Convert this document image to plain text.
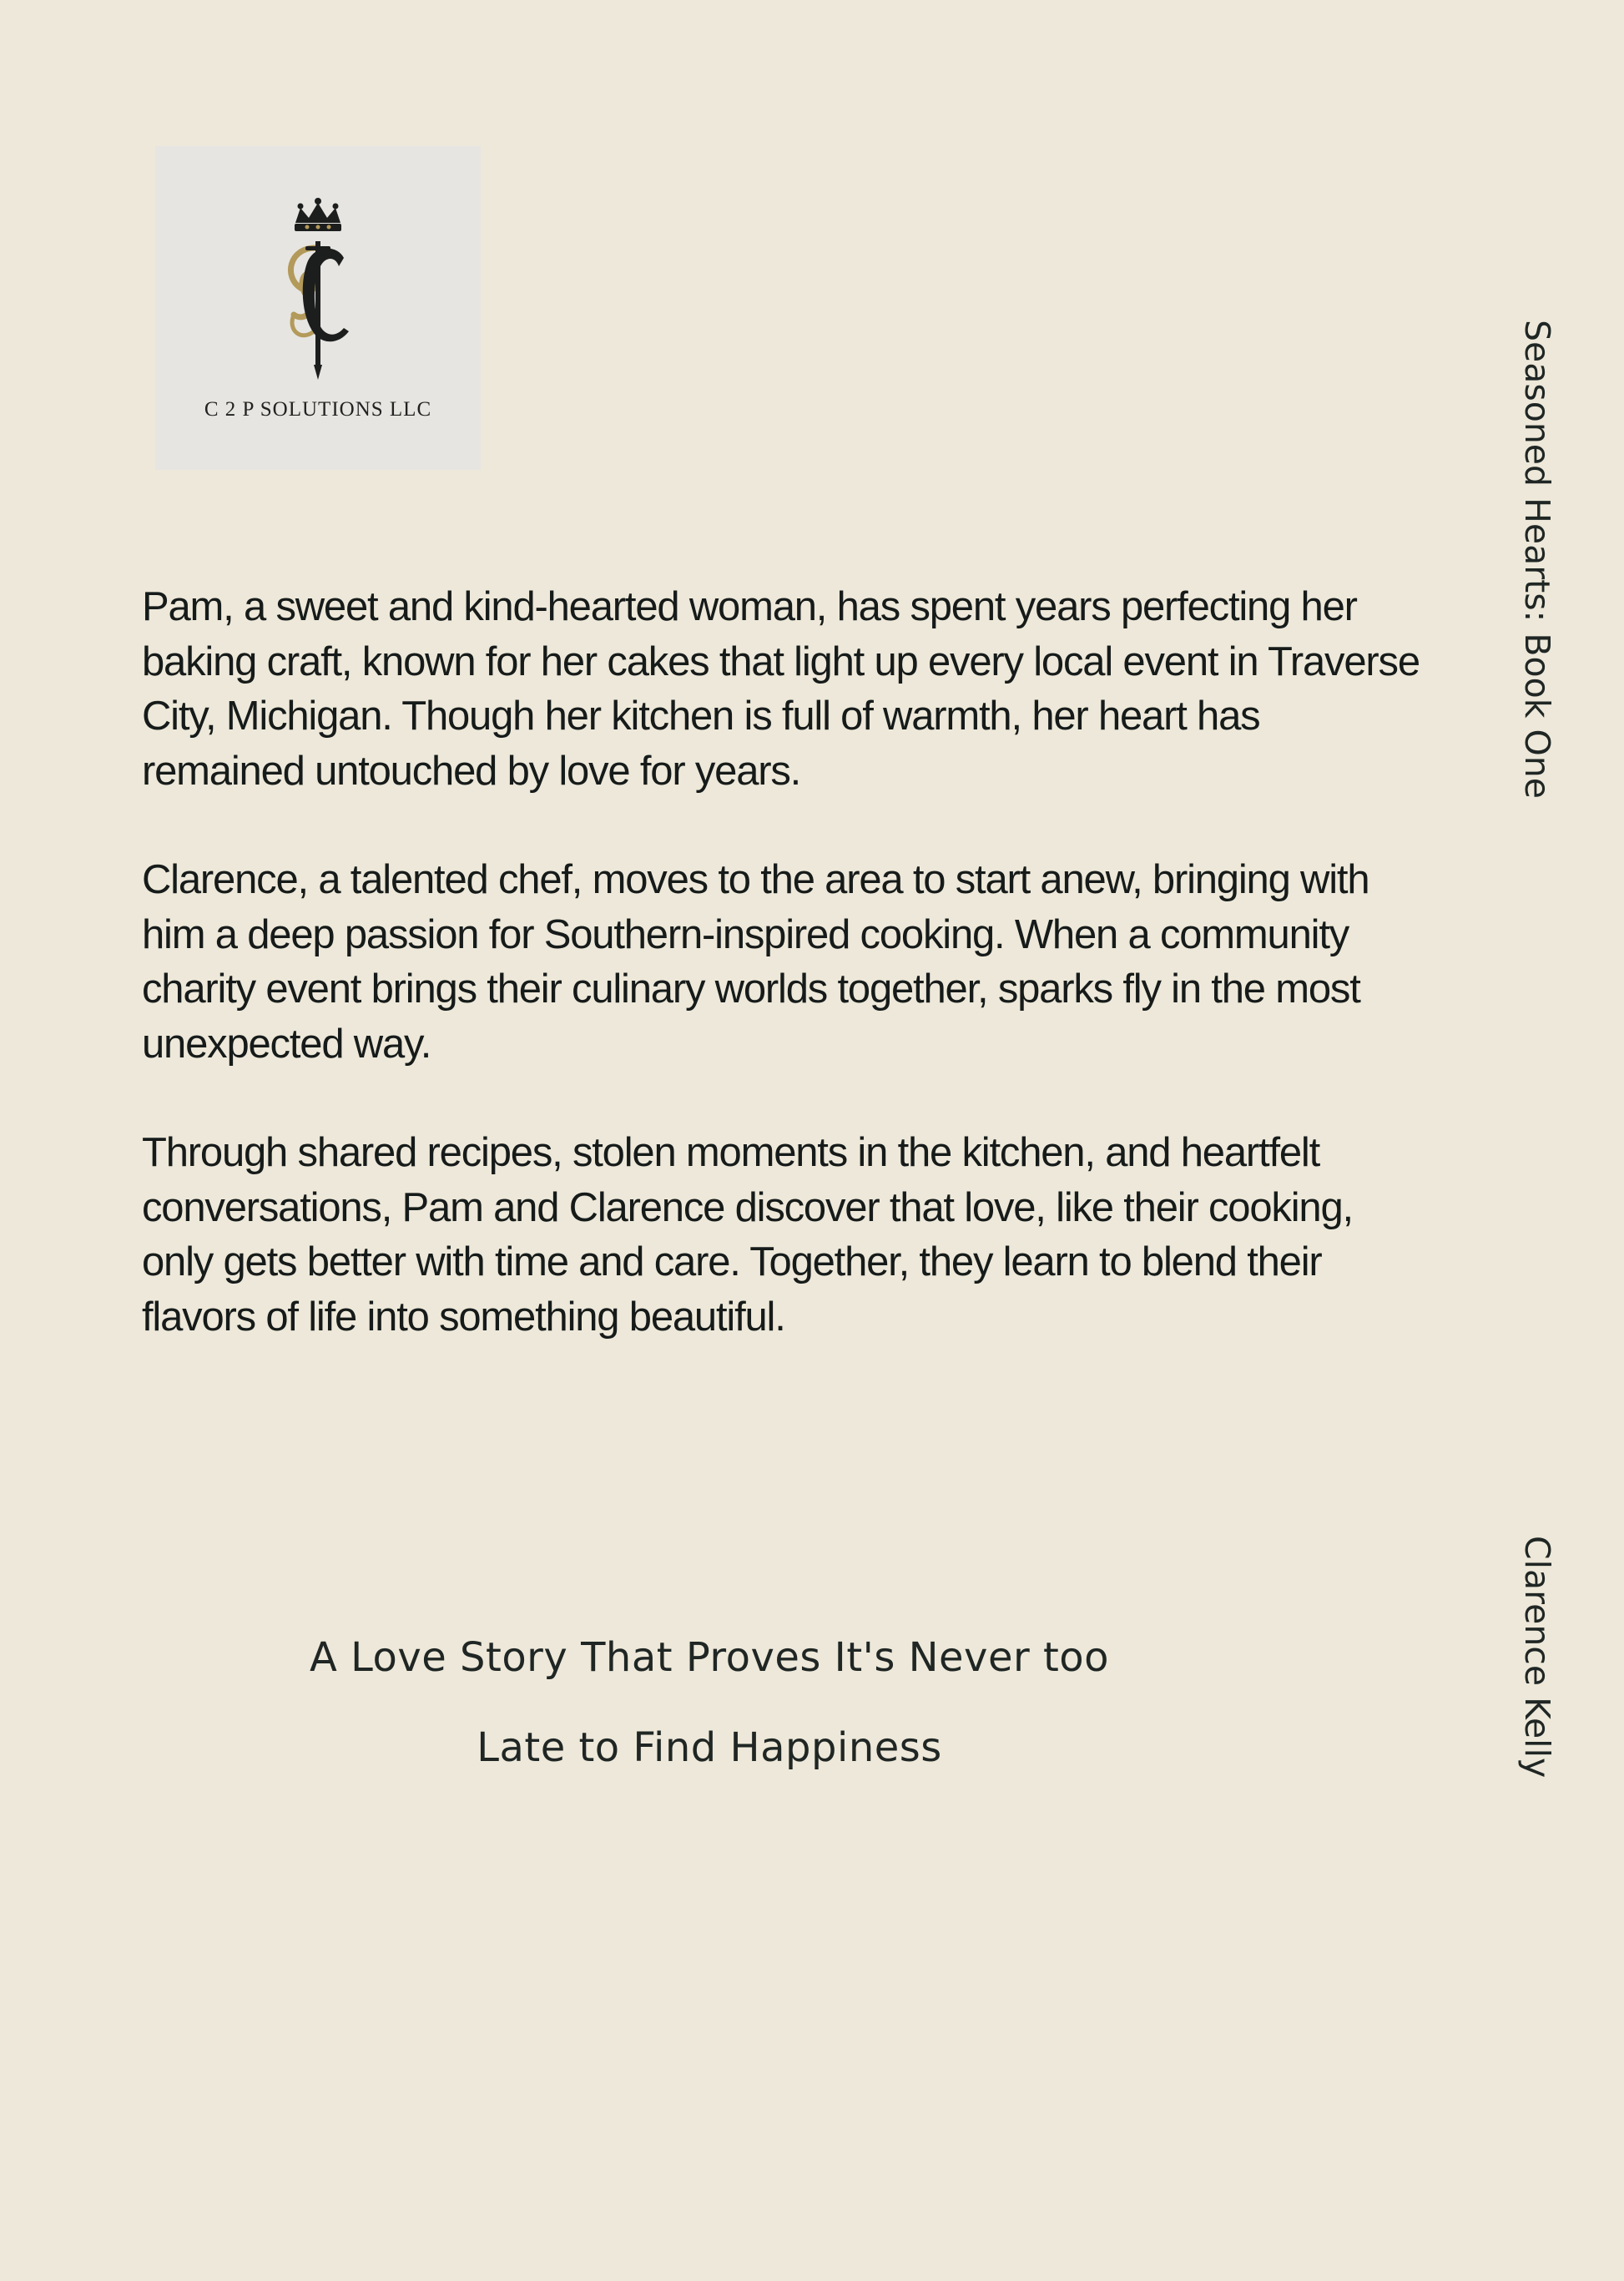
C 2 P SOLUTIONS LLC

Pam, a sweet and kind-hearted woman, has spent years perfecting her baking craft, known for her cakes that light up every local event in Traverse City, Michigan. Though her kitchen is full of warmth, her heart has remained untouched by love for years.

Clarence, a talented chef, moves to the area to start anew, bringing with him a deep passion for Southern-inspired cooking. When a community charity event brings their culinary worlds together, sparks fly in the most unexpected way.

Through shared recipes, stolen moments in the kitchen, and heartfelt conversations, Pam and Clarence discover that love, like their cooking, only gets better with time and care. Together, they learn to blend their flavors of life into something beautiful.

A Love Story That Proves It's Never too
Late to Find Happiness
Seasoned Hearts: Book One
Clarence Kelly
